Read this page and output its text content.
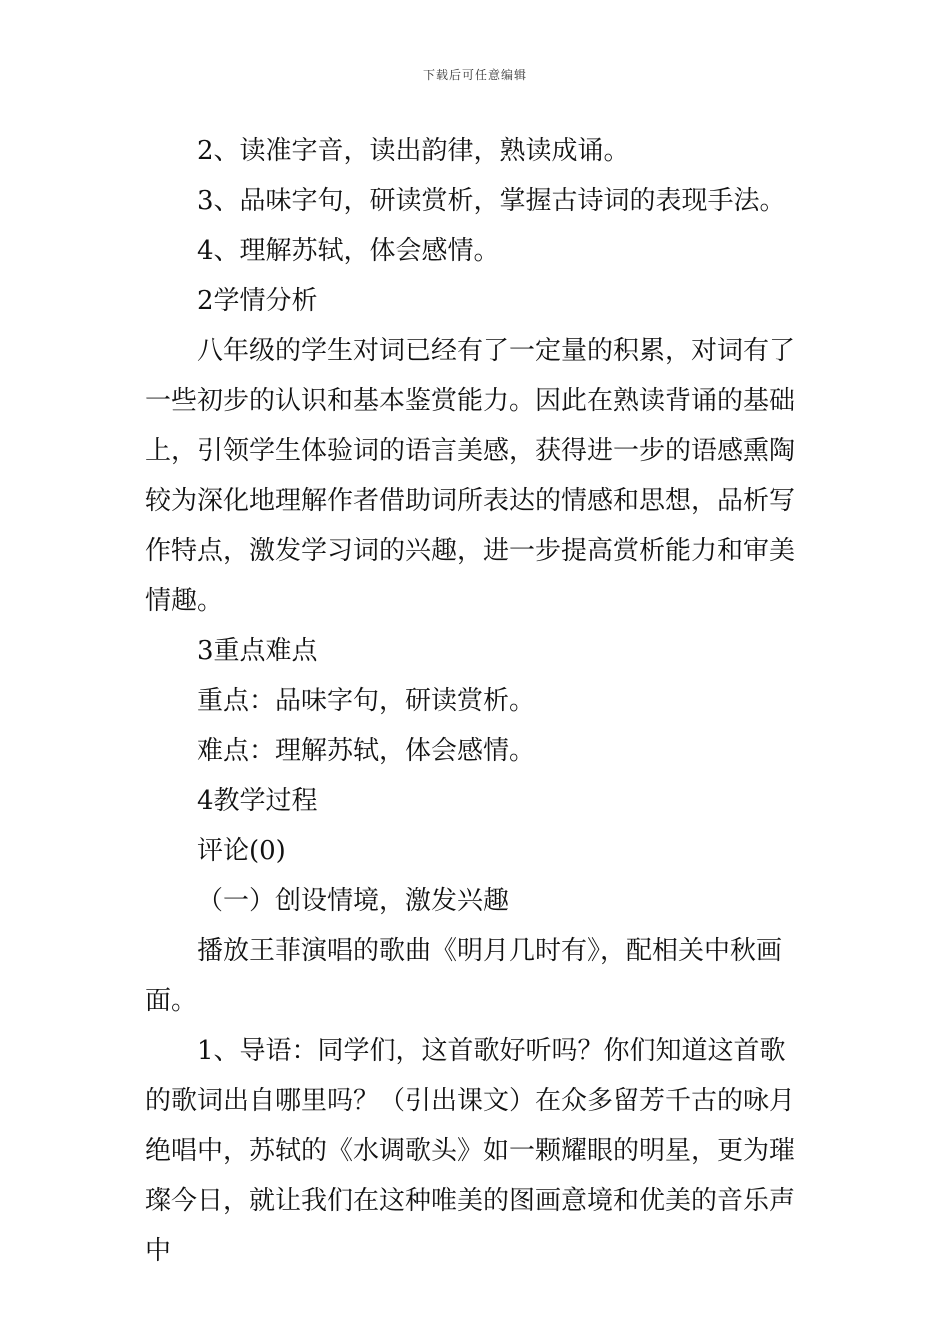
下载后可任意编辑

2、读准字音，读出韵律，熟读成诵。

3、品味字句，研读赏析，掌握古诗词的表现手法。

4、理解苏轼，体会感情。

2学情分析

八年级的学生对词已经有了一定量的积累，对词有了一些初步的认识和基本鉴赏能力。因此在熟读背诵的基础上，引领学生体验词的语言美感，获得进一步的语感熏陶较为深化地理解作者借助词所表达的情感和思想，品析写作特点，激发学习词的兴趣，进一步提高赏析能力和审美情趣。

3重点难点

重点：品味字句，研读赏析。

难点：理解苏轼，体会感情。

4教学过程

评论(0)

（一）创设情境，激发兴趣

播放王菲演唱的歌曲《明月几时有》，配相关中秋画面。

1、导语：同学们，这首歌好听吗？你们知道这首歌的歌词出自哪里吗？（引出课文）在众多留芳千古的咏月绝唱中，苏轼的《水调歌头》如一颗耀眼的明星，更为璀璨今日，就让我们在这种唯美的图画意境和优美的音乐声中
